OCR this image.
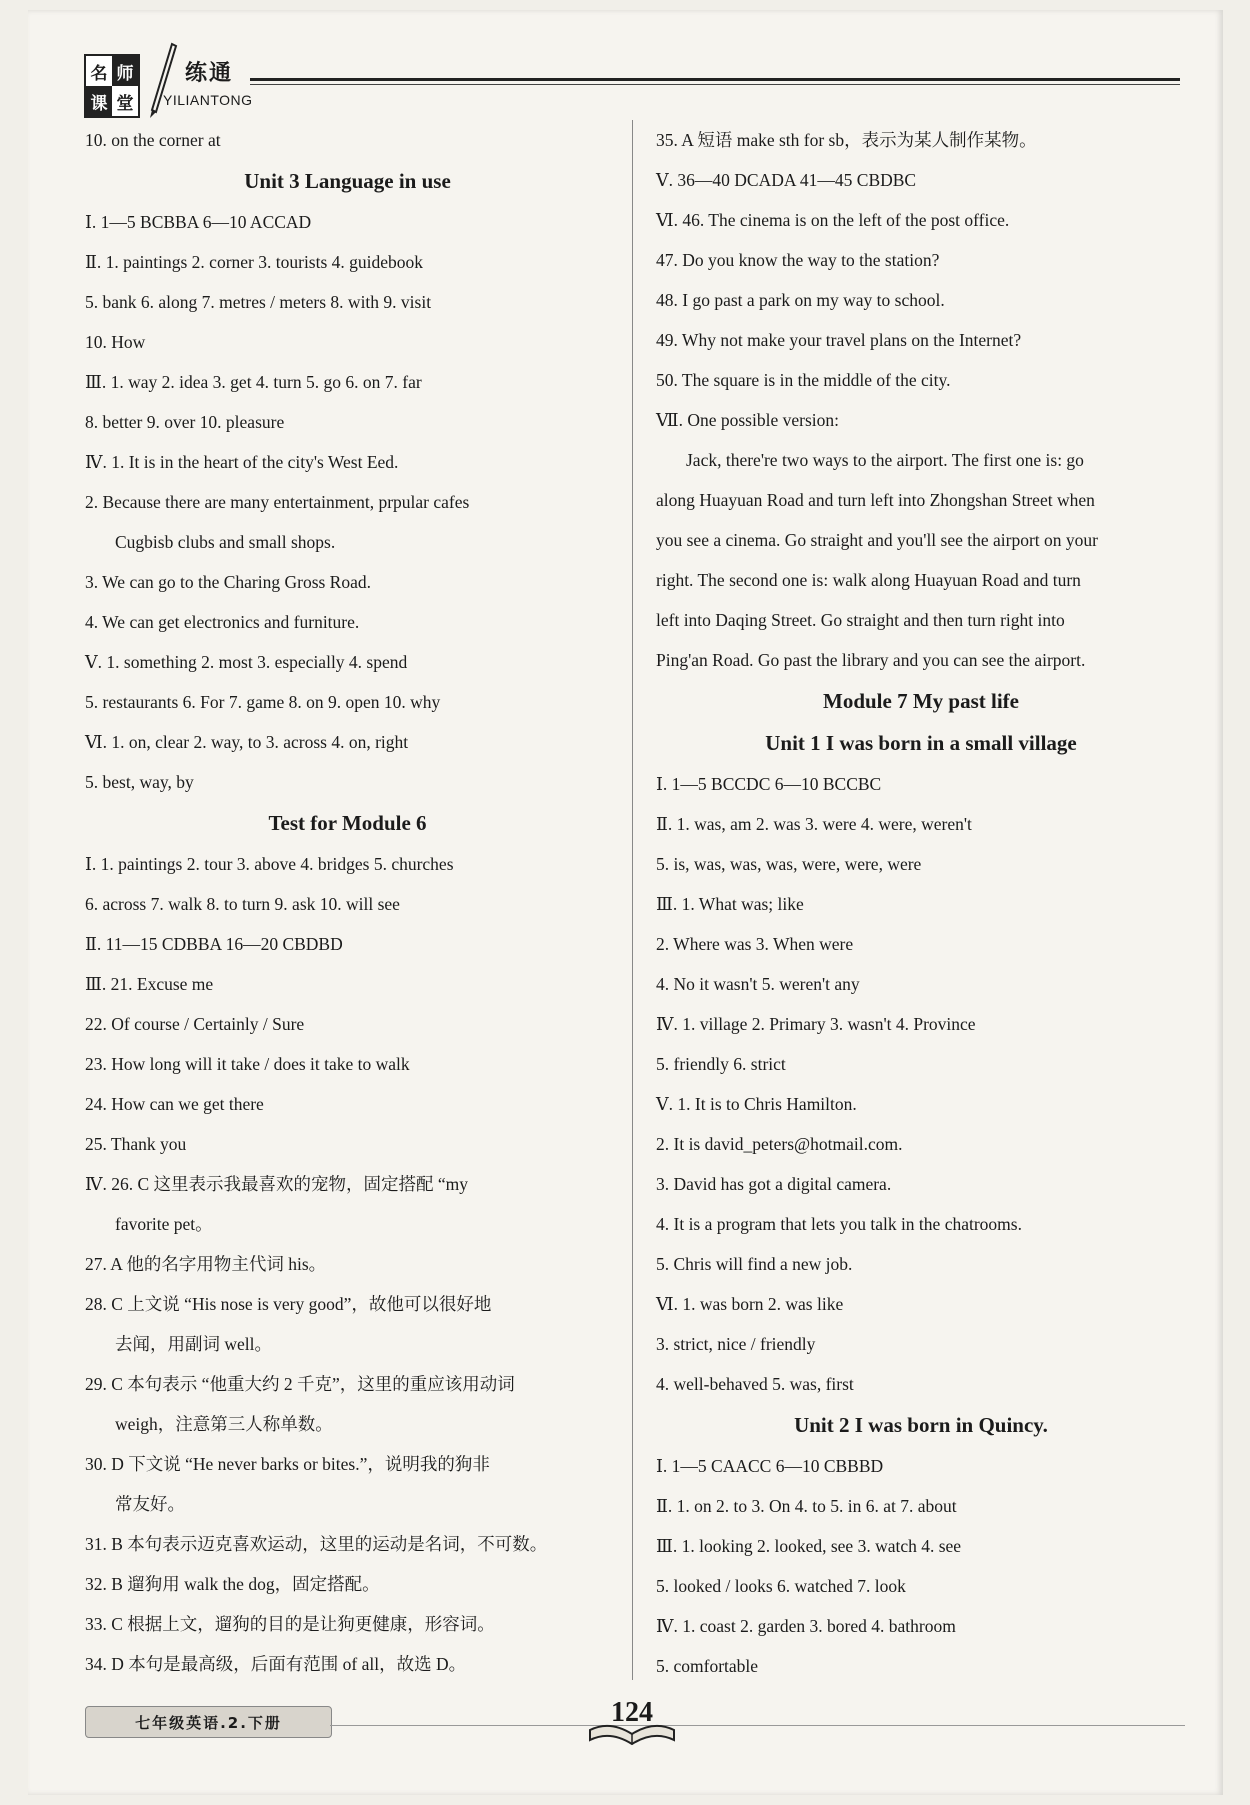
名 师
课 堂
练通
YILIANTONG
10. on the corner at
Unit 3 Language in use
Ⅰ. 1—5 BCBBA 6—10 ACCAD
Ⅱ. 1. paintings 2. corner 3. tourists 4. guidebook
5. bank 6. along 7. metres / meters 8. with 9. visit
10. How
Ⅲ. 1. way 2. idea 3. get 4. turn 5. go 6. on 7. far
8. better 9. over 10. pleasure
Ⅳ. 1. It is in the heart of the city's West Eed.
2. Because there are many entertainment, prpular cafes
Cugbisb clubs and small shops.
3. We can go to the Charing Gross Road.
4. We can get electronics and furniture.
Ⅴ. 1. something 2. most 3. especially 4. spend
5. restaurants 6. For 7. game 8. on 9. open 10. why
Ⅵ. 1. on, clear 2. way, to 3. across 4. on, right
5. best, way, by
Test for Module 6
Ⅰ. 1. paintings 2. tour 3. above 4. bridges 5. churches
6. across 7. walk 8. to turn 9. ask 10. will see
Ⅱ. 11—15 CDBBA 16—20 CBDBD
Ⅲ. 21. Excuse me
22. Of course / Certainly / Sure
23. How long will it take / does it take to walk
24. How can we get there
25. Thank you
Ⅳ. 26. C 这里表示我最喜欢的宠物，固定搭配 “my
favorite pet。
27. A 他的名字用物主代词 his。
28. C 上文说 “His nose is very good”，故他可以很好地
去闻，用副词 well。
29. C 本句表示 “他重大约 2 千克”，这里的重应该用动词
weigh，注意第三人称单数。
30. D 下文说 “He never barks or bites.”，说明我的狗非
常友好。
31. B 本句表示迈克喜欢运动，这里的运动是名词，不可数。
32. B 遛狗用 walk the dog，固定搭配。
33. C 根据上文，遛狗的目的是让狗更健康，形容词。
34. D 本句是最高级，后面有范围 of all，故选 D。
35. A 短语 make sth for sb，表示为某人制作某物。
Ⅴ. 36—40 DCADA 41—45 CBDBC
Ⅵ. 46. The cinema is on the left of the post office.
47. Do you know the way to the station?
48. I go past a park on my way to school.
49. Why not make your travel plans on the Internet?
50. The square is in the middle of the city.
Ⅶ. One possible version:
Jack, there're two ways to the airport. The first one is: go
along Huayuan Road and turn left into Zhongshan Street when
you see a cinema. Go straight and you'll see the airport on your
right. The second one is: walk along Huayuan Road and turn
left into Daqing Street. Go straight and then turn right into
Ping'an Road. Go past the library and you can see the airport.
Module 7 My past life
Unit 1 I was born in a small village
Ⅰ. 1—5 BCCDC 6—10 BCCBC
Ⅱ. 1. was, am 2. was 3. were 4. were, weren't
5. is, was, was, was, were, were, were
Ⅲ. 1. What was; like
2. Where was 3. When were
4. No it wasn't 5. weren't any
Ⅳ. 1. village 2. Primary 3. wasn't 4. Province
5. friendly 6. strict
Ⅴ. 1. It is to Chris Hamilton.
2. It is david_peters@hotmail.com.
3. David has got a digital camera.
4. It is a program that lets you talk in the chatrooms.
5. Chris will find a new job.
Ⅵ. 1. was born 2. was like
3. strict, nice / friendly
4. well-behaved 5. was, first
Unit 2 I was born in Quincy.
Ⅰ. 1—5 CAACC 6—10 CBBBD
Ⅱ. 1. on 2. to 3. On 4. to 5. in 6. at 7. about
Ⅲ. 1. looking 2. looked, see 3. watch 4. see
5. looked / looks 6. watched 7. look
Ⅳ. 1. coast 2. garden 3. bored 4. bathroom
5. comfortable
七年级英语.2.下册	124
